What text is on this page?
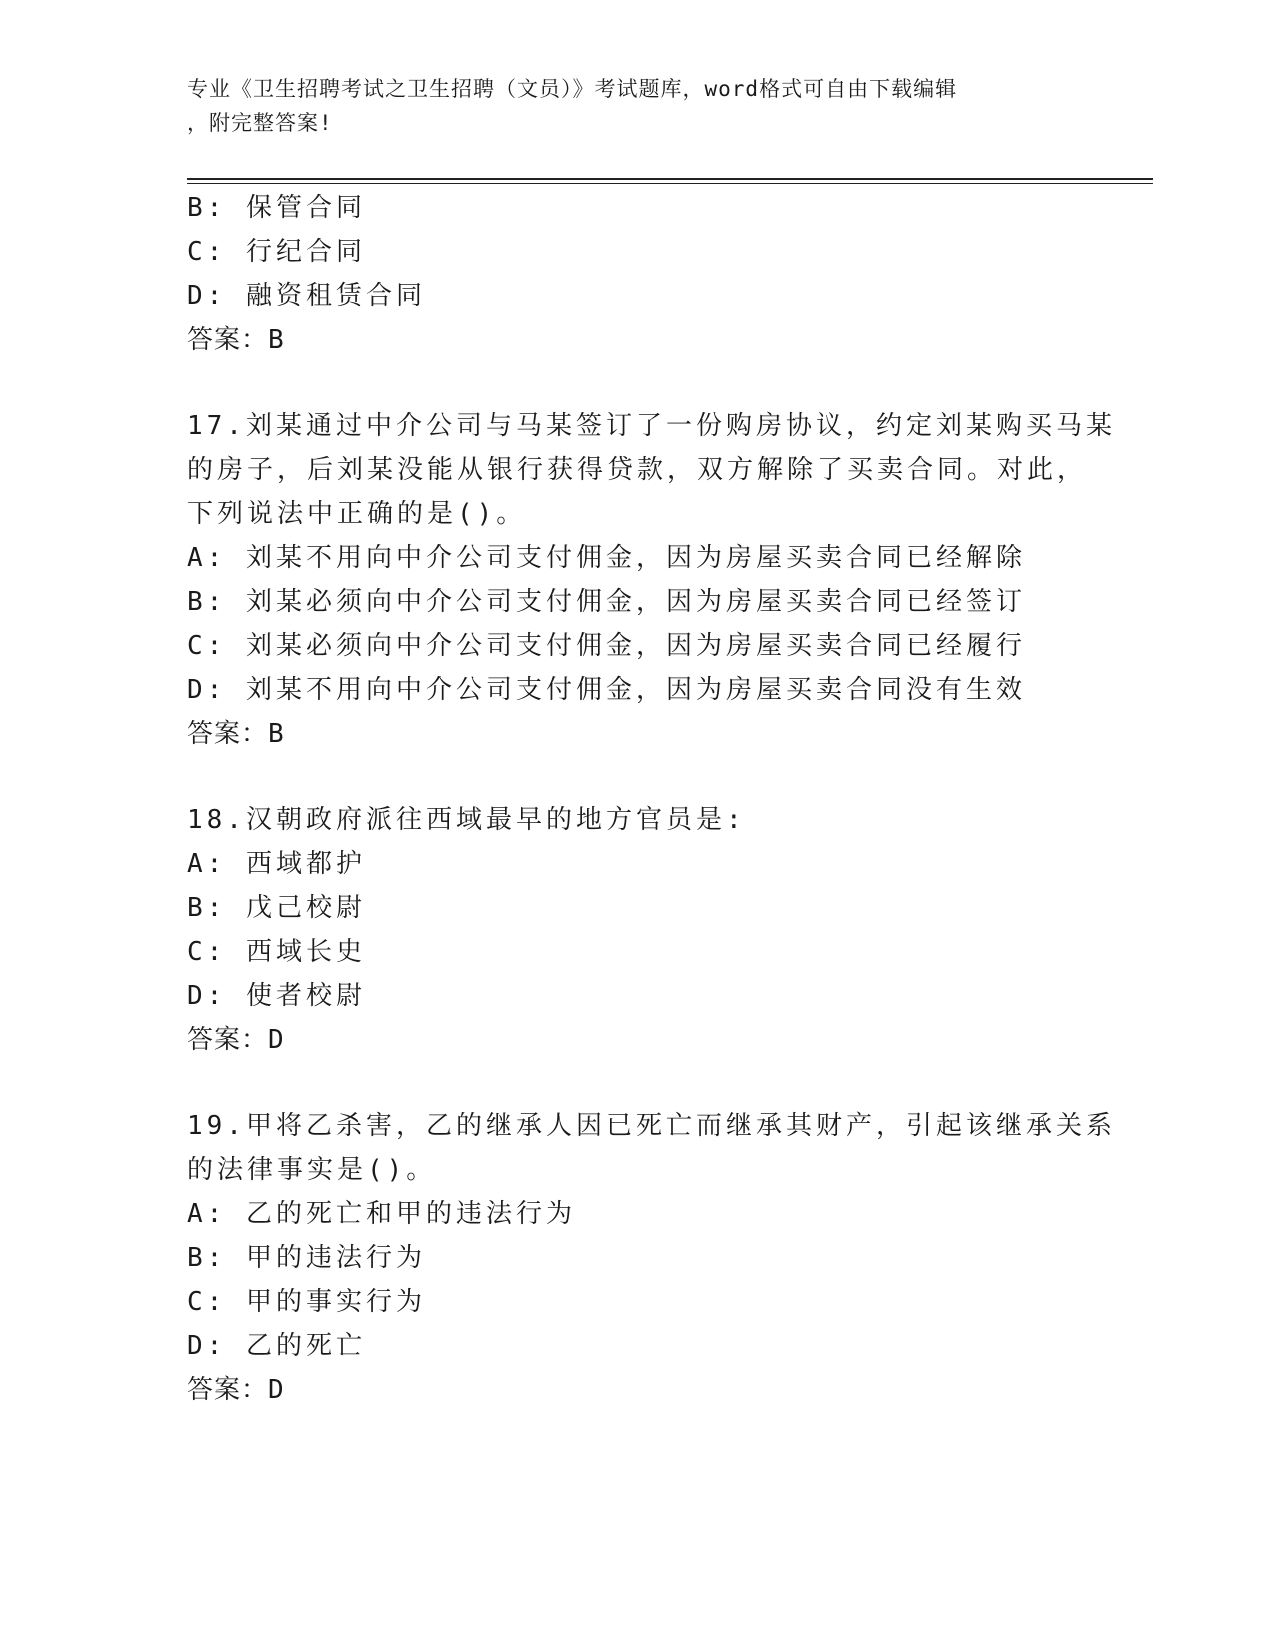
专业《卫生招聘考试之卫生招聘（文员）》考试题库，word格式可自由下载编辑
，附完整答案!
B: 保管合同
C: 行纪合同
D: 融资租赁合同
答案：B
17.刘某通过中介公司与马某签订了一份购房协议，约定刘某购买马某
的房子，后刘某没能从银行获得贷款，双方解除了买卖合同。对此，
下列说法中正确的是()。
A: 刘某不用向中介公司支付佣金，因为房屋买卖合同已经解除
B: 刘某必须向中介公司支付佣金，因为房屋买卖合同已经签订
C: 刘某必须向中介公司支付佣金，因为房屋买卖合同已经履行
D: 刘某不用向中介公司支付佣金，因为房屋买卖合同没有生效
答案：B
18.汉朝政府派往西域最早的地方官员是:
A: 西域都护
B: 戊己校尉
C: 西域长史
D: 使者校尉
答案：D
19.甲将乙杀害，乙的继承人因已死亡而继承其财产，引起该继承关系
的法律事实是()。
A: 乙的死亡和甲的违法行为
B: 甲的违法行为
C: 甲的事实行为
D: 乙的死亡
答案：D
